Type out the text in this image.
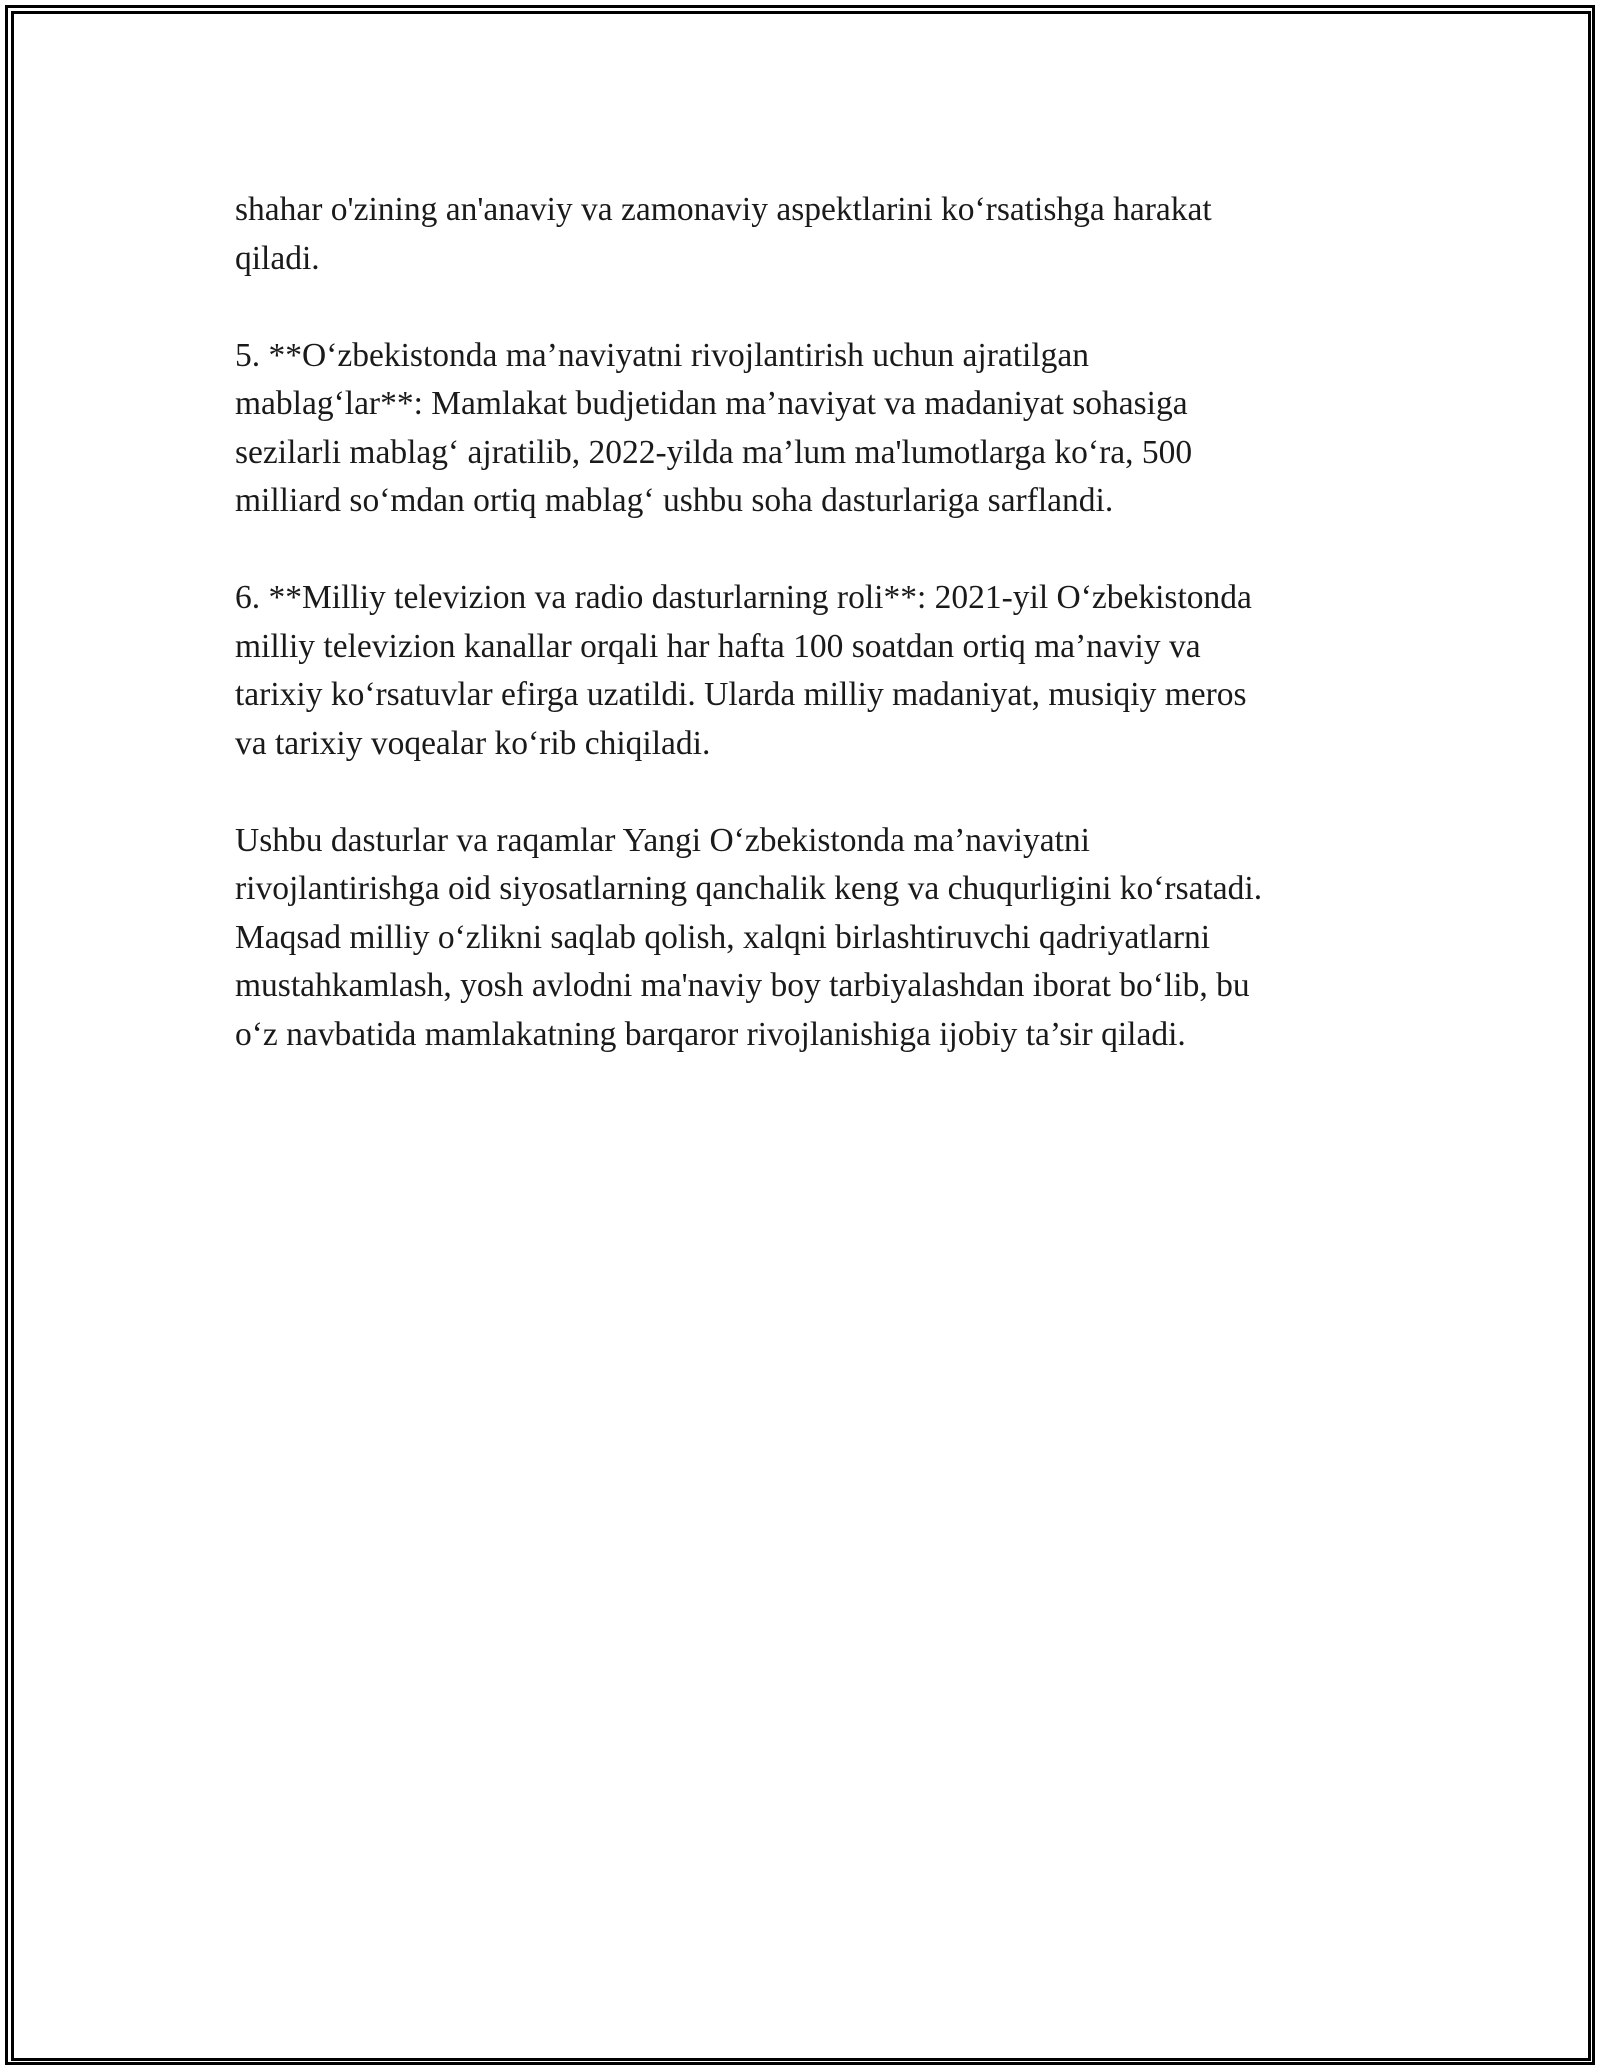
shahar o'zining an'anaviy va zamonaviy aspektlarini ko‘rsatishga harakat
qiladi.

5. **O‘zbekistonda ma’naviyatni rivojlantirish uchun ajratilgan
mablag‘lar**: Mamlakat budjetidan ma’naviyat va madaniyat sohasiga
sezilarli mablag‘ ajratilib, 2022-yilda ma’lum ma'lumotlarga ko‘ra, 500
milliard so‘mdan ortiq mablag‘ ushbu soha dasturlariga sarflandi.

6. **Milliy televizion va radio dasturlarning roli**: 2021-yil O‘zbekistonda
milliy televizion kanallar orqali har hafta 100 soatdan ortiq ma’naviy va
tarixiy ko‘rsatuvlar efirga uzatildi. Ularda milliy madaniyat, musiqiy meros
va tarixiy voqealar ko‘rib chiqiladi.

Ushbu dasturlar va raqamlar Yangi O‘zbekistonda ma’naviyatni
rivojlantirishga oid siyosatlarning qanchalik keng va chuqurligini ko‘rsatadi.
Maqsad milliy o‘zlikni saqlab qolish, xalqni birlashtiruvchi qadriyatlarni
mustahkamlash, yosh avlodni ma'naviy boy tarbiyalashdan iborat bo‘lib, bu
o‘z navbatida mamlakatning barqaror rivojlanishiga ijobiy ta’sir qiladi.
